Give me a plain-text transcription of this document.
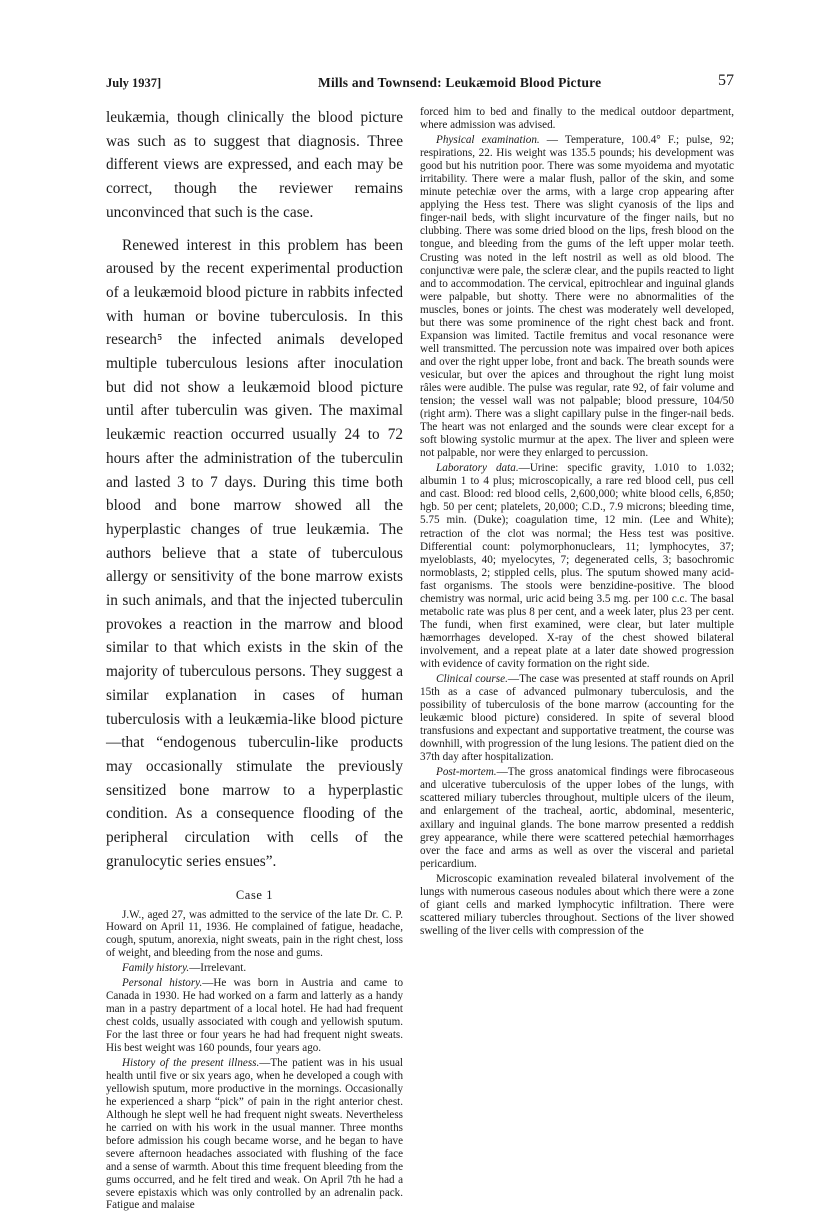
July 1937]	Mills and Townsend: Leukæmoid Blood Picture	57

leukæmia, though clinically the blood picture was such as to suggest that diagnosis. Three different views are expressed, and each may be correct, though the reviewer remains unconvinced that such is the case.

Renewed interest in this problem has been aroused by the recent experimental production of a leukæmoid blood picture in rabbits infected with human or bovine tuberculosis. In this research⁵ the infected animals developed multiple tuberculous lesions after inoculation but did not show a leukæmoid blood picture until after tuberculin was given. The maximal leukæmic reaction occurred usually 24 to 72 hours after the administration of the tuberculin and lasted 3 to 7 days. During this time both blood and bone marrow showed all the hyperplastic changes of true leukæmia. The authors believe that a state of tuberculous allergy or sensitivity of the bone marrow exists in such animals, and that the injected tuberculin provokes a reaction in the marrow and blood similar to that which exists in the skin of the majority of tuberculous persons. They suggest a similar explanation in cases of human tuberculosis with a leukæmia-like blood picture—that “endogenous tuberculin-like products may occasionally stimulate the previously sensitized bone marrow to a hyperplastic condition. As a consequence flooding of the peripheral circulation with cells of the granulocytic series ensues”.

Case 1

J.W., aged 27, was admitted to the service of the late Dr. C. P. Howard on April 11, 1936. He complained of fatigue, headache, cough, sputum, anorexia, night sweats, pain in the right chest, loss of weight, and bleeding from the nose and gums.

Family history.—Irrelevant.

Personal history.—He was born in Austria and came to Canada in 1930. He had worked on a farm and latterly as a handy man in a pastry department of a local hotel. He had had frequent chest colds, usually associated with cough and yellowish sputum. For the last three or four years he had had frequent night sweats. His best weight was 160 pounds, four years ago.

History of the present illness.—The patient was in his usual health until five or six years ago, when he developed a cough with yellowish sputum, more productive in the mornings. Occasionally he experienced a sharp “pick” of pain in the right anterior chest. Although he slept well he had frequent night sweats. Nevertheless he carried on with his work in the usual manner. Three months before admission his cough became worse, and he began to have severe afternoon headaches associated with flushing of the face and a sense of warmth. About this time frequent bleeding from the gums occurred, and he felt tired and weak. On April 7th he had a severe epistaxis which was only controlled by an adrenalin pack. Fatigue and malaise

forced him to bed and finally to the medical outdoor department, where admission was advised.

Physical examination. — Temperature, 100.4° F.; pulse, 92; respirations, 22. His weight was 135.5 pounds; his development was good but his nutrition poor. There was some myoidema and myotatic irritability. There were a malar flush, pallor of the skin, and some minute petechiæ over the arms, with a large crop appearing after applying the Hess test. There was slight cyanosis of the lips and finger-nail beds, with slight incurvature of the finger nails, but no clubbing. There was some dried blood on the lips, fresh blood on the tongue, and bleeding from the gums of the left upper molar teeth. Crusting was noted in the left nostril as well as old blood. The conjunctivæ were pale, the scleræ clear, and the pupils reacted to light and to accommodation. The cervical, epitrochlear and inguinal glands were palpable, but shotty. There were no abnormalities of the muscles, bones or joints. The chest was moderately well developed, but there was some prominence of the right chest back and front. Expansion was limited. Tactile fremitus and vocal resonance were well transmitted. The percussion note was impaired over both apices and over the right upper lobe, front and back. The breath sounds were vesicular, but over the apices and throughout the right lung moist râles were audible. The pulse was regular, rate 92, of fair volume and tension; the vessel wall was not palpable; blood pressure, 104/50 (right arm). There was a slight capillary pulse in the finger-nail beds. The heart was not enlarged and the sounds were clear except for a soft blowing systolic murmur at the apex. The liver and spleen were not palpable, nor were they enlarged to percussion.

Laboratory data.—Urine: specific gravity, 1.010 to 1.032; albumin 1 to 4 plus; microscopically, a rare red blood cell, pus cell and cast. Blood: red blood cells, 2,600,000; white blood cells, 6,850; hgb. 50 per cent; platelets, 20,000; C.D., 7.9 microns; bleeding time, 5.75 min. (Duke); coagulation time, 12 min. (Lee and White); retraction of the clot was normal; the Hess test was positive. Differential count: polymorphonuclears, 11; lymphocytes, 37; myeloblasts, 40; myelocytes, 7; degenerated cells, 3; basochromic normoblasts, 2; stippled cells, plus. The sputum showed many acid-fast organisms. The stools were benzidine-positive. The blood chemistry was normal, uric acid being 3.5 mg. per 100 c.c. The basal metabolic rate was plus 8 per cent, and a week later, plus 23 per cent. The fundi, when first examined, were clear, but later multiple hæmorrhages developed. X-ray of the chest showed bilateral involvement, and a repeat plate at a later date showed progression with evidence of cavity formation on the right side.

Clinical course.—The case was presented at staff rounds on April 15th as a case of advanced pulmonary tuberculosis, and the possibility of tuberculosis of the bone marrow (accounting for the leukæmic blood picture) considered. In spite of several blood transfusions and expectant and supportative treatment, the course was downhill, with progression of the lung lesions. The patient died on the 37th day after hospitalization.

Post-mortem.—The gross anatomical findings were fibrocaseous and ulcerative tuberculosis of the upper lobes of the lungs, with scattered miliary tubercles throughout, multiple ulcers of the ileum, and enlargement of the tracheal, aortic, abdominal, mesenteric, axillary and inguinal glands. The bone marrow presented a reddish grey appearance, while there were scattered petechial hæmorrhages over the face and arms as well as over the visceral and parietal pericardium.

Microscopic examination revealed bilateral involvement of the lungs with numerous caseous nodules about which there were a zone of giant cells and marked lymphocytic infiltration. There were scattered miliary tubercles throughout. Sections of the liver showed swelling of the liver cells with compression of the
